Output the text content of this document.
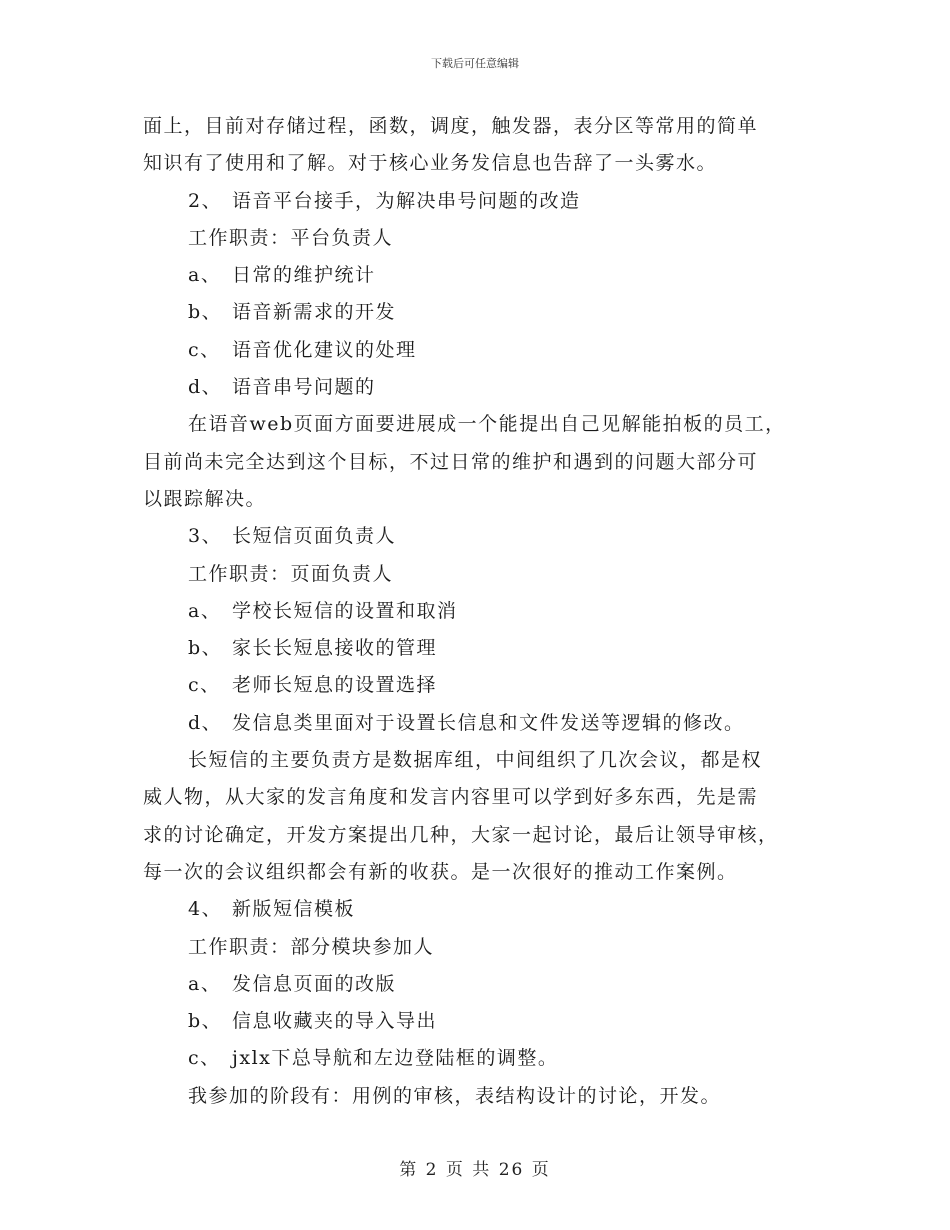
下载后可任意编辑
面上，目前对存储过程，函数，调度，触发器，表分区等常用的简单
知识有了使用和了解。对于核心业务发信息也告辞了一头雾水。
2、 语音平台接手，为解决串号问题的改造
工作职责：平台负责人
a、 日常的维护统计
b、 语音新需求的开发
c、 语音优化建议的处理
d、 语音串号问题的
在语音web页面方面要进展成一个能提出自己见解能拍板的员工，
目前尚未完全达到这个目标，不过日常的维护和遇到的问题大部分可
以跟踪解决。
3、 长短信页面负责人
工作职责：页面负责人
a、 学校长短信的设置和取消
b、 家长长短息接收的管理
c、 老师长短息的设置选择
d、 发信息类里面对于设置长信息和文件发送等逻辑的修改。
长短信的主要负责方是数据库组，中间组织了几次会议，都是权
威人物，从大家的发言角度和发言内容里可以学到好多东西，先是需
求的讨论确定，开发方案提出几种，大家一起讨论，最后让领导审核，
每一次的会议组织都会有新的收获。是一次很好的推动工作案例。
4、 新版短信模板
工作职责：部分模块参加人
a、 发信息页面的改版
b、 信息收藏夹的导入导出
c、 jxlx下总导航和左边登陆框的调整。
我参加的阶段有：用例的审核，表结构设计的讨论，开发。
第 2 页 共 26 页
